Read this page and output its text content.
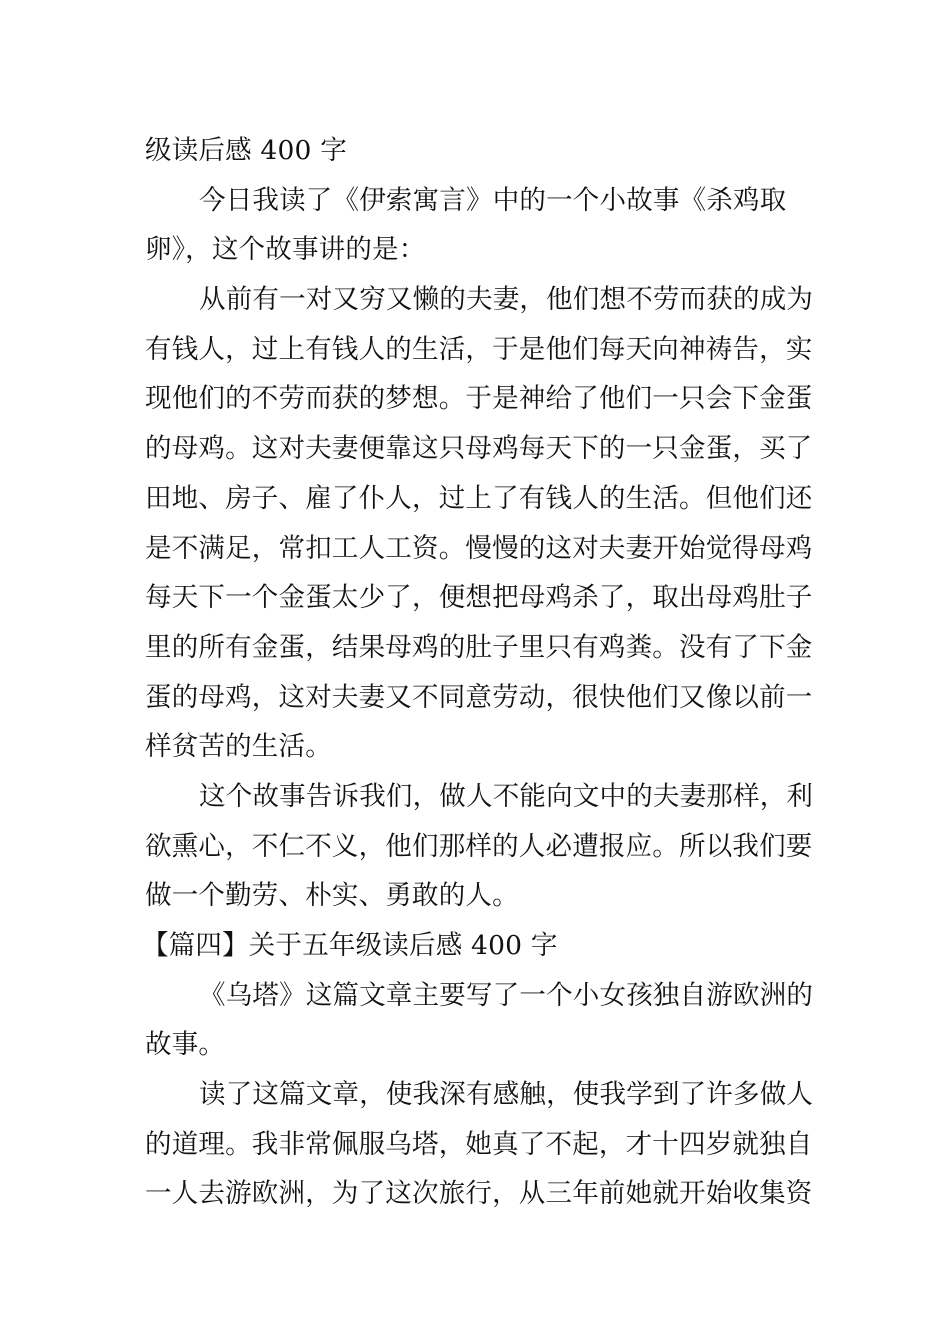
级读后感 400 字
今日我读了《伊索寓言》中的一个小故事《杀鸡取
卵》，这个故事讲的是：
从前有一对又穷又懒的夫妻，他们想不劳而获的成为
有钱人，过上有钱人的生活，于是他们每天向神祷告，实
现他们的不劳而获的梦想。于是神给了他们一只会下金蛋
的母鸡。这对夫妻便靠这只母鸡每天下的一只金蛋，买了
田地、房子、雇了仆人，过上了有钱人的生活。但他们还
是不满足，常扣工人工资。慢慢的这对夫妻开始觉得母鸡
每天下一个金蛋太少了，便想把母鸡杀了，取出母鸡肚子
里的所有金蛋，结果母鸡的肚子里只有鸡粪。没有了下金
蛋的母鸡，这对夫妻又不同意劳动，很快他们又像以前一
样贫苦的生活。
这个故事告诉我们，做人不能向文中的夫妻那样，利
欲熏心，不仁不义，他们那样的人必遭报应。所以我们要
做一个勤劳、朴实、勇敢的人。
【篇四】关于五年级读后感 400 字
《乌塔》这篇文章主要写了一个小女孩独自游欧洲的
故事。
读了这篇文章，使我深有感触，使我学到了许多做人
的道理。我非常佩服乌塔，她真了不起，才十四岁就独自
一人去游欧洲，为了这次旅行，从三年前她就开始收集资
